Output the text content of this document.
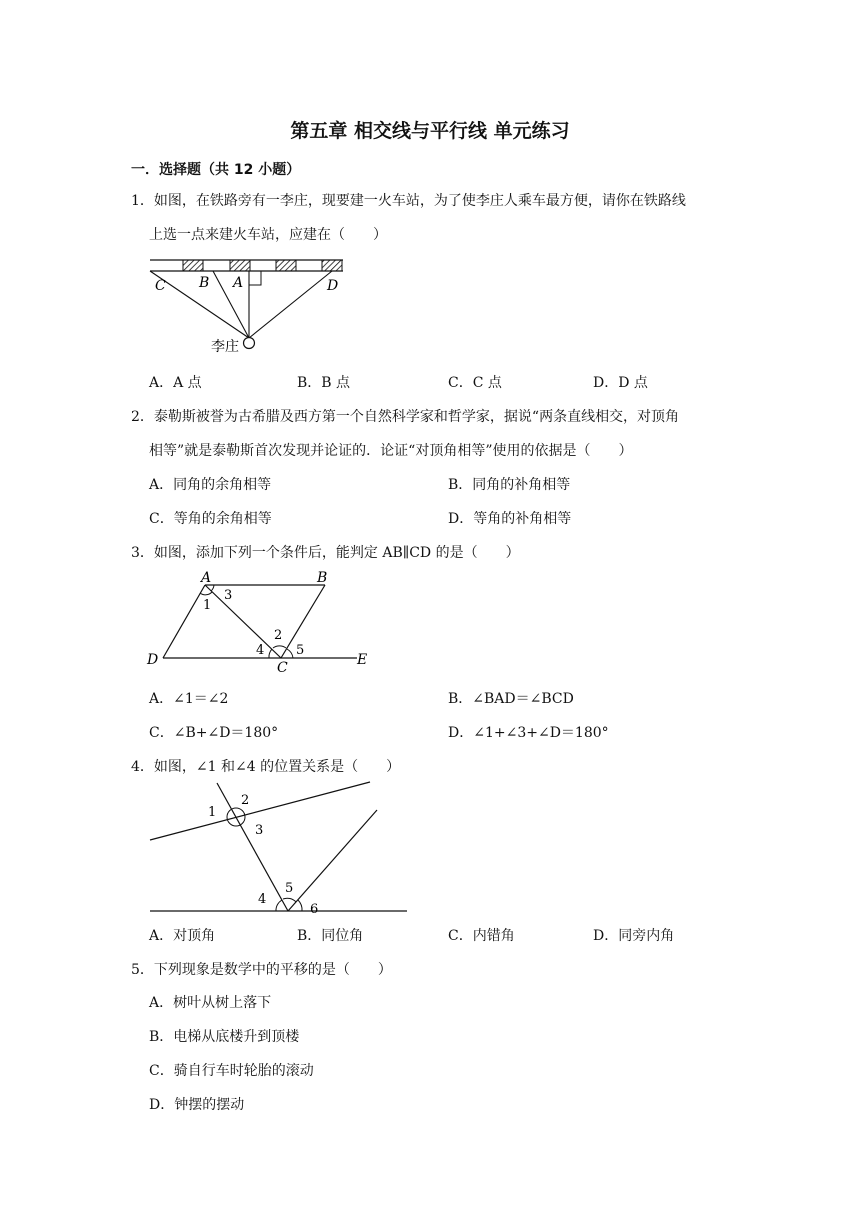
第五章 相交线与平行线 单元练习
一．选择题（共 12 小题）
1．如图，在铁路旁有一李庄，现要建一火车站，为了使李庄人乘车最方便，请你在铁路线
上选一点来建火车站，应建在（　　）
C B A	D
李庄
A．A 点	B．B 点	C．C 点	D．D 点
2．泰勒斯被誉为古希腊及西方第一个自然科学家和哲学家，据说“两条直线相交，对顶角
相等”就是泰勒斯首次发现并论证的．论证“对顶角相等”使用的依据是（　　）
A．同角的余角相等	B．同角的补角相等
C．等角的余角相等	D．等角的补角相等
3．如图，添加下列一个条件后，能判定 AB∥CD 的是（　　）
A	B
D	C	E
1
3
2
4 5
A．∠1＝∠2	B．∠BAD＝∠BCD
C．∠B+∠D＝180°	D．∠1+∠3+∠D＝180°
4．如图，∠1 和∠4 的位置关系是（　　）
1
2
3
4
5
6
A．对顶角	B．同位角	C．内错角	D．同旁内角
5．下列现象是数学中的平移的是（　　）
A．树叶从树上落下
B．电梯从底楼升到顶楼
C．骑自行车时轮胎的滚动
D．钟摆的摆动
